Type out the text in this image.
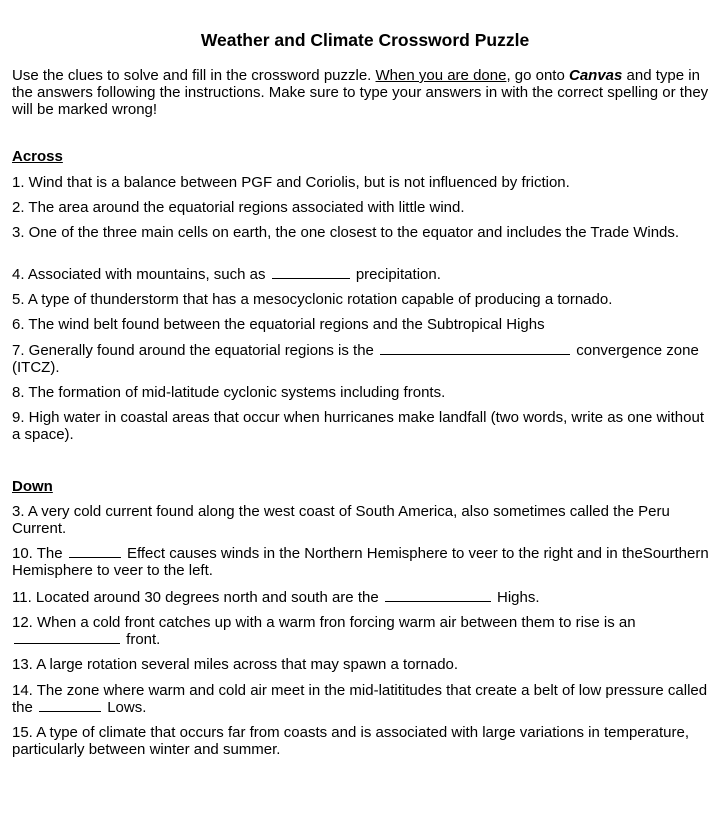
Weather and Climate Crossword Puzzle
Use the clues to solve and fill in the crossword puzzle. When you are done, go onto Canvas and type in the answers following the instructions. Make sure to type your answers in with the correct spelling or they will be marked wrong!
Across
1. Wind that is a balance between PGF and Coriolis, but is not influenced by friction.
2. The area around the equatorial regions associated with little wind.
3. One of the three main cells on earth, the one closest to the equator and includes the Trade Winds.
4. Associated with mountains, such as	precipitation.
5. A type of thunderstorm that has a mesocyclonic rotation capable of producing a tornado.
6. The wind belt found between the equatorial regions and the Subtropical Highs
7. Generally found around the equatorial regions is the	convergence zone (ITCZ).
8. The formation of mid-latitude cyclonic systems including fronts.
9. High water in coastal areas that occur when hurricanes make landfall (two words, write as one without a space).
Down
3. A very cold current found along the west coast of South America, also sometimes called the Peru Current.
10. The	Effect causes winds in the Northern Hemisphere to veer to the right and in theSourthern Hemisphere to veer to the left.
11. Located around 30 degrees north and south are the	Highs.
12. When a cold front catches up with a warm fron forcing warm air between them to rise is an  front.
13. A large rotation several miles across that may spawn a tornado.
14. The zone where warm and cold air meet in the mid-latititudes that create a belt of low pressure called the	Lows.
15. A type of climate that occurs far from coasts and is associated with large variations in temperature, particularly between winter and summer.
